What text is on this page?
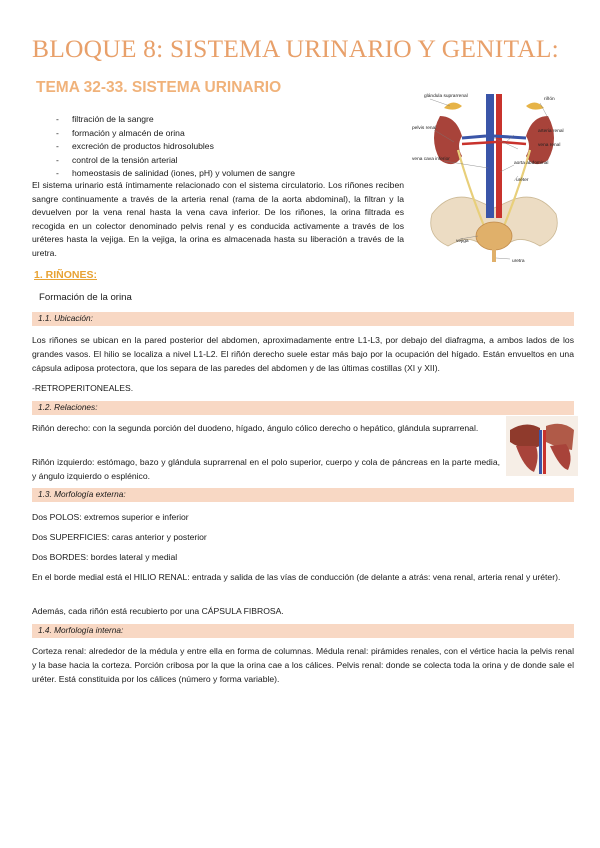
BLOQUE 8: SISTEMA URINARIO Y GENITAL:
TEMA 32-33. SISTEMA URINARIO
- filtración de la sangre
- formación y almacén de orina
- excreción de productos hidrosolubles
- control de la tensión arterial
- homeostasis de salinidad (iones, pH) y volumen de sangre

El sistema urinario está íntimamente relacionado con el sistema circulatorio. Los riñones reciben sangre continuamente a través de la arteria renal (rama de la aorta abdominal), la filtran y la devuelven por la vena renal hasta la vena cava inferior. De los riñones, la orina filtrada es recogida en un colector denominado pelvis renal y es conducida activamente a través de los uréteres hasta la vejiga. En la vejiga, la orina es almacenada hasta su liberación a través de la uretra.

glándula suprarrenal
riñón
pelvis renal
arteria renal
vena renal
vena cava inferior
aorta abdominal
uréter
vejiga
uretra
1. RIÑONES:
Formación de la orina
1.1. Ubicación:

Los riñones se ubican en la pared posterior del abdomen, aproximadamente entre L1-L3, por debajo del diafragma, a ambos lados de los grandes vasos. El hilio se localiza a nivel L1-L2. El riñón derecho suele estar más bajo por la ocupación del hígado. Están envueltos en una cápsula adiposa protectora, que los separa de las paredes del abdomen y de las últimas costillas (XI y XII).

-RETROPERITONEALES.

1.2. Relaciones:

Riñón derecho: con la segunda porción del duodeno, hígado, ángulo cólico derecho o hepático, glándula suprarrenal.

Riñón izquierdo: estómago, bazo y glándula suprarrenal en el polo superior, cuerpo y cola de páncreas en la parte media, y ángulo izquierdo o esplénico.

1.3. Morfología externa:

Dos POLOS: extremos superior e inferior

Dos SUPERFICIES: caras anterior y posterior

Dos BORDES: bordes lateral y medial

En el borde medial está el HILIO RENAL: entrada y salida de las vías de conducción (de delante a atrás: vena renal, arteria renal y uréter).

Además, cada riñón está recubierto por una CÁPSULA FIBROSA.

1.4. Morfología interna:

Corteza renal: alrededor de la médula y entre ella en forma de columnas. Médula renal: pirámides renales, con el vértice hacia la pelvis renal y la base hacia la corteza. Porción cribosa por la que la orina cae a los cálices. Pelvis renal: donde se colecta toda la orina y de donde sale el uréter. Está constituida por los cálices (número y forma variable).
